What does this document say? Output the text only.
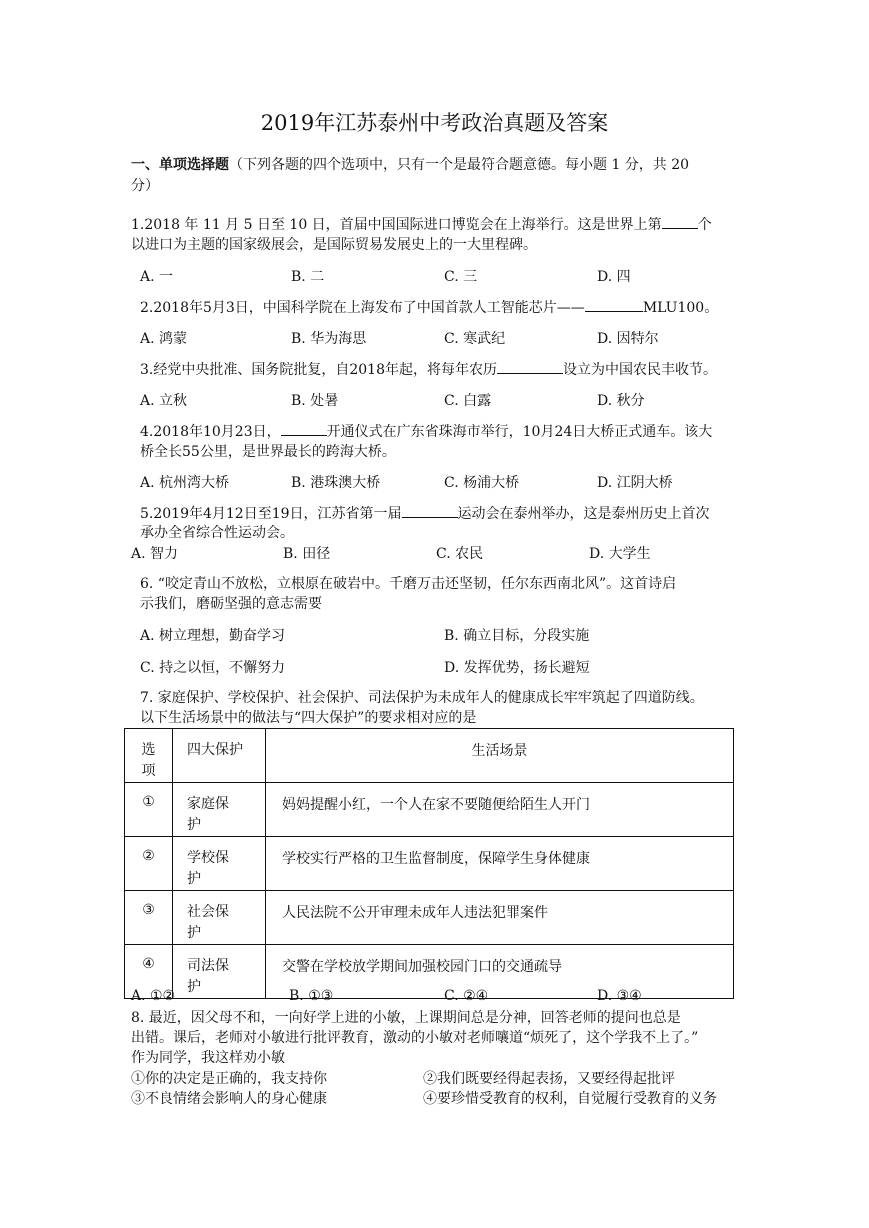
2019年江苏泰州中考政治真题及答案
一、单项选择题（下列各题的四个选项中，只有一个是最符合题意德。每小题 1 分，共 20
分）
1.2018 年 11 月 5 日至 10 日，首届中国国际进口博览会在上海举行。这是世界上第	个
以进口为主题的国家级展会，是国际贸易发展史上的一大里程碑。
A. 一	B. 二	C. 三	D. 四
2.2018年5月3日，中国科学院在上海发布了中国首款人工智能芯片——	MLU100。
A. 鸿蒙	B. 华为海思	C. 寒武纪	D. 因特尔
3.经党中央批准、国务院批复，自2018年起，将每年农历	设立为中国农民丰收节。
A. 立秋	B. 处暑	C. 白露	D. 秋分
4.2018年10月23日，	开通仪式在广东省珠海市举行，10月24日大桥正式通车。该大
桥全长55公里，是世界最长的跨海大桥。
A. 杭州湾大桥	B. 港珠澳大桥	C. 杨浦大桥	D. 江阴大桥
5.2019年4月12日至19日，江苏省第一届	运动会在泰州举办，这是泰州历史上首次
承办全省综合性运动会。
A. 智力	B. 田径	C. 农民	D. 大学生
6. “咬定青山不放松，立根原在破岩中。千磨万击还坚韧，任尔东西南北风”。这首诗启
示我们，磨砺坚强的意志需要
A. 树立理想，勤奋学习	B. 确立目标，分段实施
C. 持之以恒，不懈努力	D. 发挥优势，扬长避短
7. 家庭保护、学校保护、社会保护、司法保护为未成年人的健康成长牢牢筑起了四道防线。
以下生活场景中的做法与“四大保护”的要求相对应的是
选项	四大保护	生活场景
①	家庭保护	妈妈提醒小红，一个人在家不要随便给陌生人开门
②	学校保护	学校实行严格的卫生监督制度，保障学生身体健康
③	社会保护	人民法院不公开审理未成年人违法犯罪案件
④	司法保护	交警在学校放学期间加强校园门口的交通疏导
A. ①②	B. ①③	C. ②④	D. ③④
8. 最近，因父母不和，一向好学上进的小敏，上课期间总是分神，回答老师的提问也总是
出错。课后，老师对小敏进行批评教育，激动的小敏对老师嚷道“烦死了，这个学我不上了。”
作为同学，我这样劝小敏
①你的决定是正确的，我支持你	②我们既要经得起表扬，又要经得起批评
③不良情绪会影响人的身心健康	④要珍惜受教育的权利，自觉履行受教育的义务
